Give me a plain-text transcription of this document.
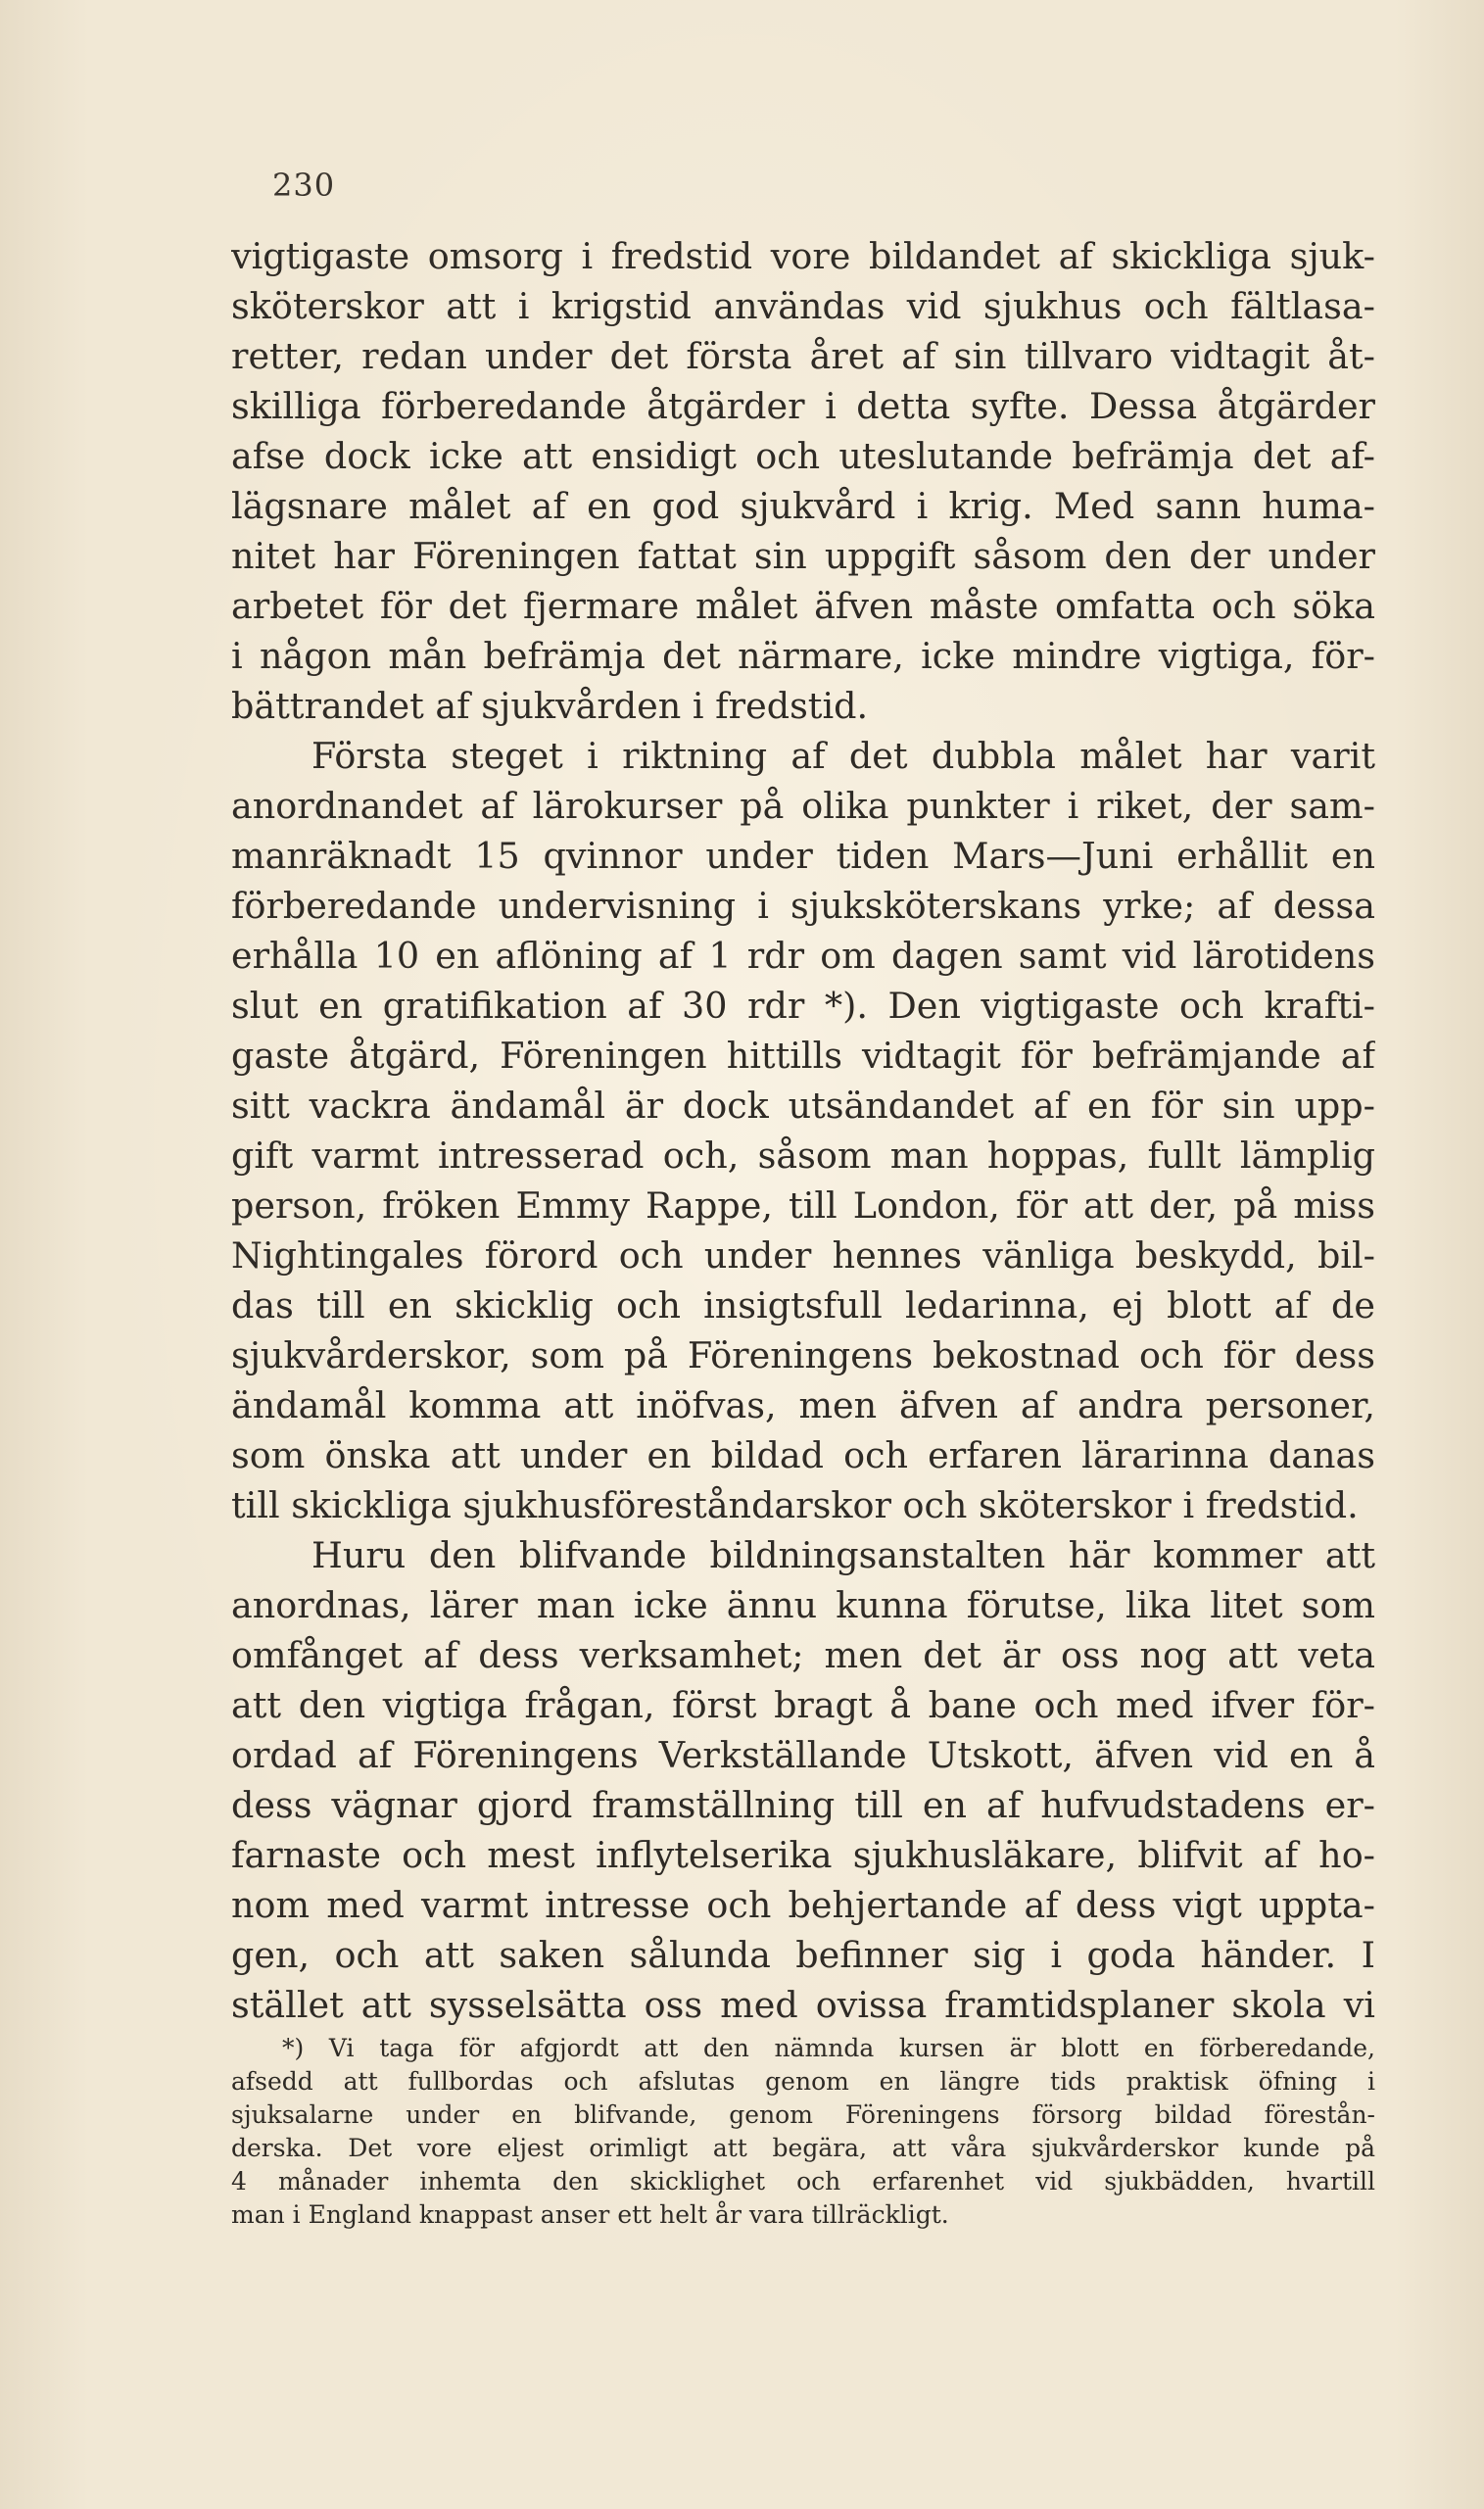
230
vigtigaste omsorg i fredstid vore bildandet af skickliga sjuk-
sköterskor att i krigstid användas vid sjukhus och fältlasa-
retter, redan under det första året af sin tillvaro vidtagit åt-
skilliga förberedande åtgärder i detta syfte. Dessa åtgärder
afse dock icke att ensidigt och uteslutande befrämja det af-
lägsnare målet af en god sjukvård i krig. Med sann huma-
nitet har Föreningen fattat sin uppgift såsom den der under
arbetet för det fjermare målet äfven måste omfatta och söka
i någon mån befrämja det närmare, icke mindre vigtiga, för-
bättrandet af sjukvården i fredstid.
Första steget i riktning af det dubbla målet har varit
anordnandet af lärokurser på olika punkter i riket, der sam-
manräknadt 15 qvinnor under tiden Mars—Juni erhållit en
förberedande undervisning i sjuksköterskans yrke; af dessa
erhålla 10 en aflöning af 1 rdr om dagen samt vid lärotidens
slut en gratifikation af 30 rdr *). Den vigtigaste och krafti-
gaste åtgärd, Föreningen hittills vidtagit för befrämjande af
sitt vackra ändamål är dock utsändandet af en för sin upp-
gift varmt intresserad och, såsom man hoppas, fullt lämplig
person, fröken Emmy Rappe, till London, för att der, på miss
Nightingales förord och under hennes vänliga beskydd, bil-
das till en skicklig och insigtsfull ledarinna, ej blott af de
sjukvårderskor, som på Föreningens bekostnad och för dess
ändamål komma att inöfvas, men äfven af andra personer,
som önska att under en bildad och erfaren lärarinna danas
till skickliga sjukhusföreståndarskor och sköterskor i fredstid.
Huru den blifvande bildningsanstalten här kommer att
anordnas, lärer man icke ännu kunna förutse, lika litet som
omfånget af dess verksamhet; men det är oss nog att veta
att den vigtiga frågan, först bragt å bane och med ifver för-
ordad af Föreningens Verkställande Utskott, äfven vid en å
dess vägnar gjord framställning till en af hufvudstadens er-
farnaste och mest inflytelserika sjukhusläkare, blifvit af ho-
nom med varmt intresse och behjertande af dess vigt uppta-
gen, och att saken sålunda befinner sig i goda händer. I
stället att sysselsätta oss med ovissa framtidsplaner skola vi
*) Vi taga för afgjordt att den nämnda kursen är blott en förberedande,
afsedd att fullbordas och afslutas genom en längre tids praktisk öfning i
sjuksalarne under en blifvande, genom Föreningens försorg bildad förestån-
derska. Det vore eljest orimligt att begära, att våra sjukvårderskor kunde på
4 månader inhemta den skicklighet och erfarenhet vid sjukbädden, hvartill
man i England knappast anser ett helt år vara tillräckligt.
